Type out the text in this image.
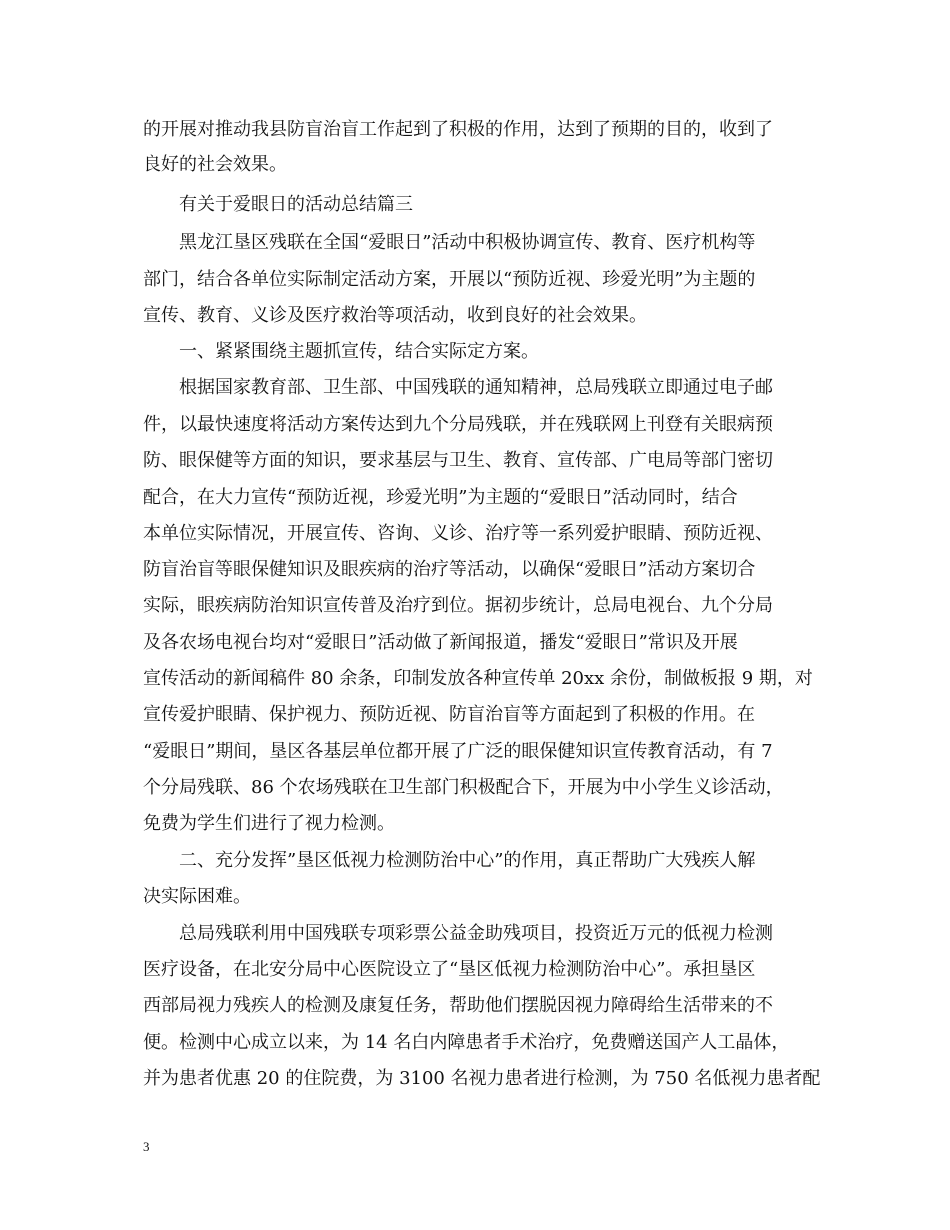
的开展对推动我县防盲治盲工作起到了积极的作用，达到了预期的目的，收到了
良好的社会效果。
有关于爱眼日的活动总结篇三
黑龙江垦区残联在全国“爱眼日”活动中积极协调宣传、教育、医疗机构等
部门，结合各单位实际制定活动方案，开展以“预防近视、珍爱光明”为主题的
宣传、教育、义诊及医疗救治等项活动，收到良好的社会效果。
一、紧紧围绕主题抓宣传，结合实际定方案。
根据国家教育部、卫生部、中国残联的通知精神，总局残联立即通过电子邮
件，以最快速度将活动方案传达到九个分局残联，并在残联网上刊登有关眼病预
防、眼保健等方面的知识，要求基层与卫生、教育、宣传部、广电局等部门密切
配合，在大力宣传“预防近视，珍爱光明”为主题的“爱眼日”活动同时，结合
本单位实际情况，开展宣传、咨询、义诊、治疗等一系列爱护眼睛、预防近视、
防盲治盲等眼保健知识及眼疾病的治疗等活动，以确保“爱眼日”活动方案切合
实际，眼疾病防治知识宣传普及治疗到位。据初步统计，总局电视台、九个分局
及各农场电视台均对“爱眼日”活动做了新闻报道，播发“爱眼日”常识及开展
宣传活动的新闻稿件 80 余条，印制发放各种宣传单 20xx 余份，制做板报 9 期，对
宣传爱护眼睛、保护视力、预防近视、防盲治盲等方面起到了积极的作用。在
“爱眼日”期间，垦区各基层单位都开展了广泛的眼保健知识宣传教育活动，有 7
个分局残联、86 个农场残联在卫生部门积极配合下，开展为中小学生义诊活动，
免费为学生们进行了视力检测。
二、充分发挥”垦区低视力检测防治中心”的作用，真正帮助广大残疾人解
决实际困难。
总局残联利用中国残联专项彩票公益金助残项目，投资近万元的低视力检测
医疗设备，在北安分局中心医院设立了“垦区低视力检测防治中心”。承担垦区
西部局视力残疾人的检测及康复任务，帮助他们摆脱因视力障碍给生活带来的不
便。检测中心成立以来，为 14 名白内障患者手术治疗，免费赠送国产人工晶体，
并为患者优惠 20 的住院费，为 3100 名视力患者进行检测，为 750 名低视力患者配
3
